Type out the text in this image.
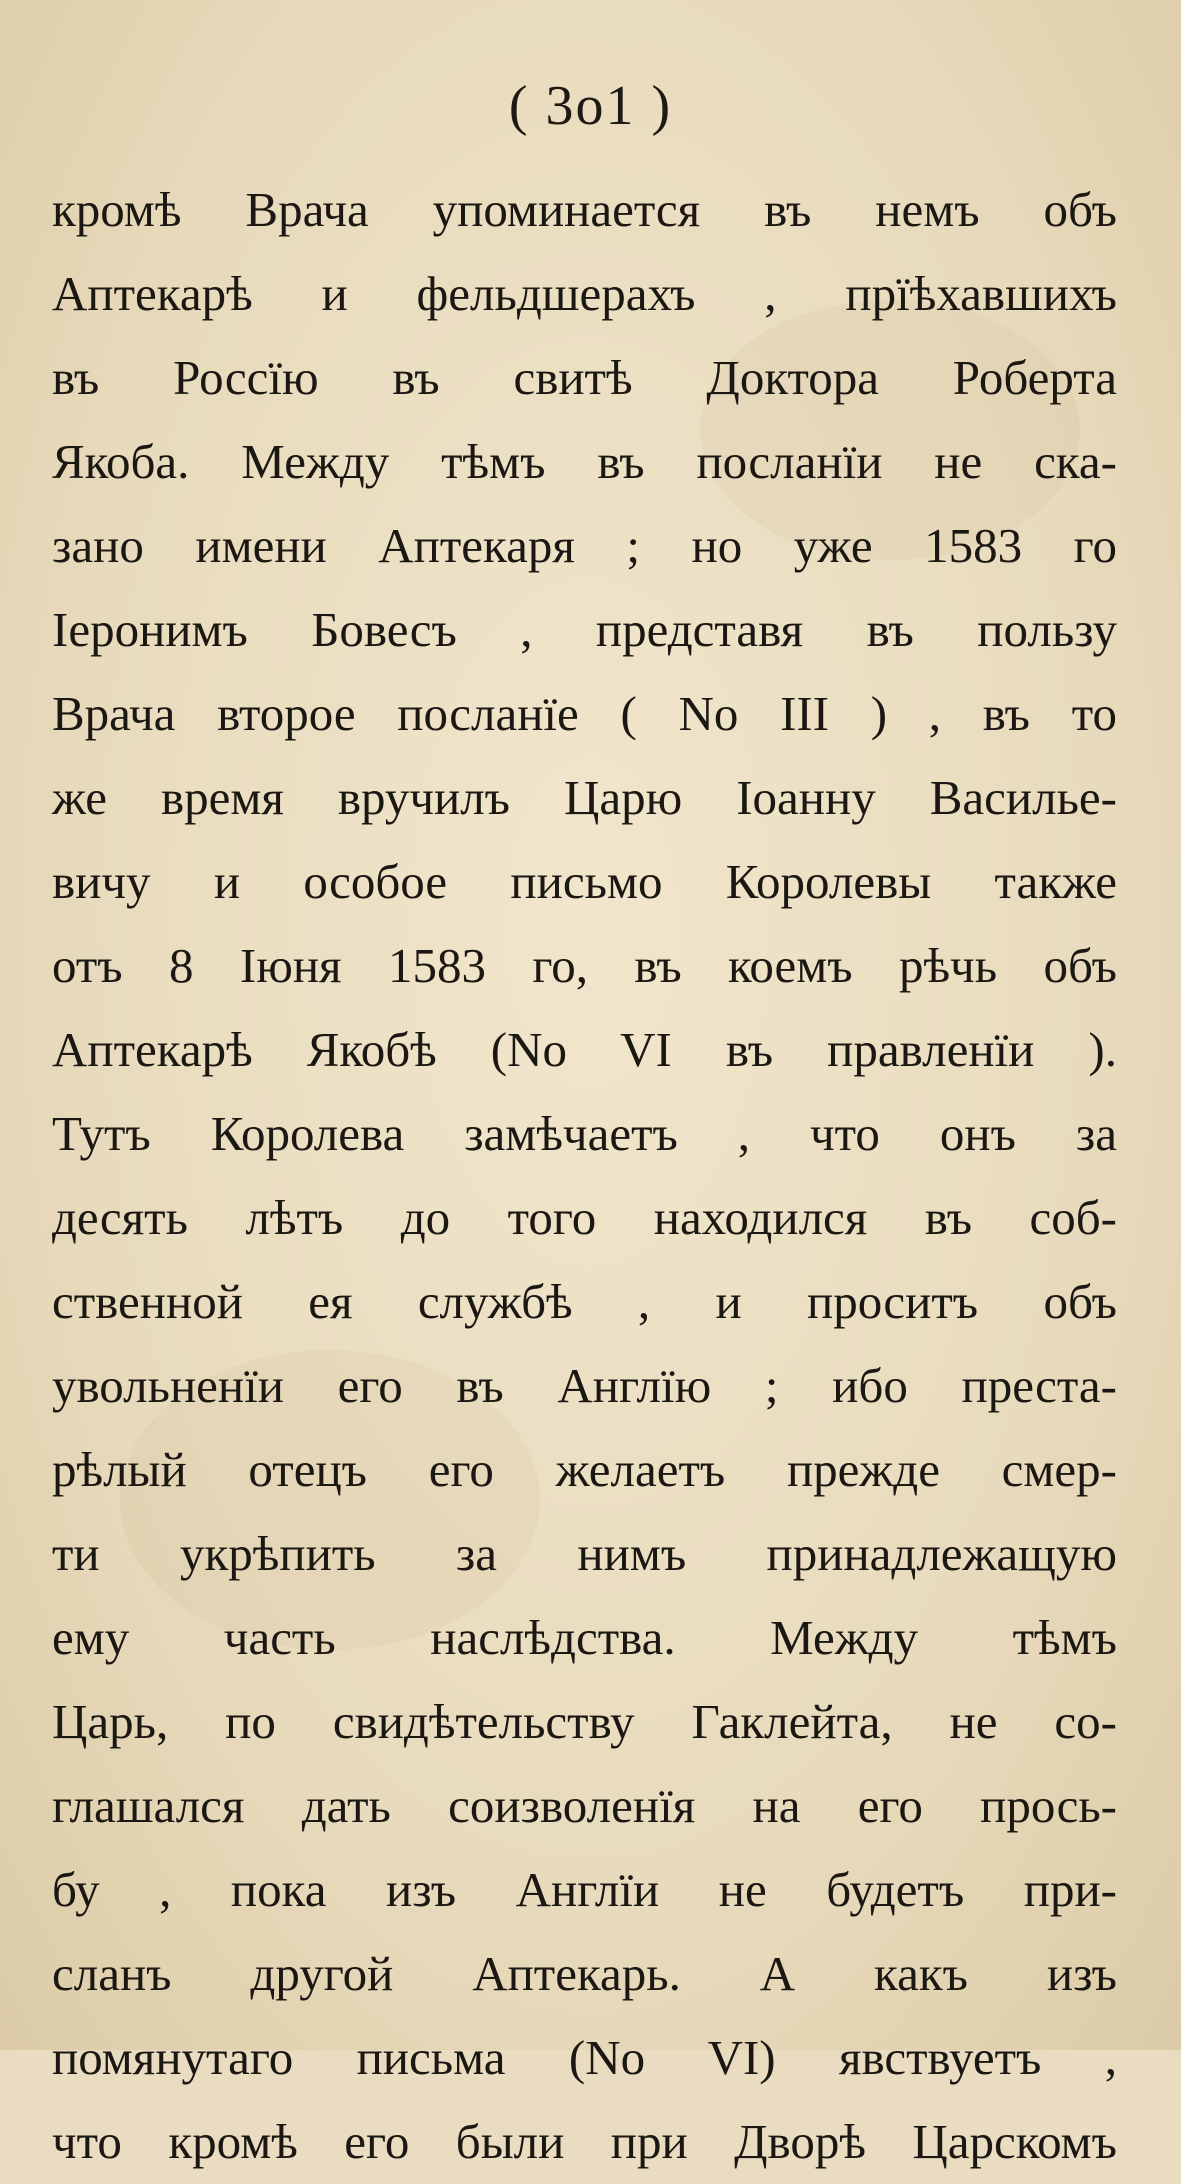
( 3o1 )
кромѣ Врача упоминается въ немъ объ
Аптекарѣ и фельдшерахъ , прїѣхавшихъ
въ Россїю въ свитѣ Доктора Роберта
Якоба. Между тѣмъ въ посланїи не ска-
зано имени Аптекаря ; но уже 1583 го
Іеронимъ Бовесъ , представя въ пользу
Врача второе посланїе ( No III ) , въ то
же время вручилъ Царю Іоанну Василье-
вичу и особое письмо Королевы также
отъ 8 Іюня 1583 го, въ коемъ рѣчь объ
Аптекарѣ Якобѣ (No VI въ правленїи ).
Тутъ Королева замѣчаетъ , что онъ за
десять лѣтъ до того находился въ соб-
ственной ея службѣ , и проситъ объ
увольненїи его въ Англїю ; ибо преста-
рѣлый отецъ его желаетъ прежде смер-
ти укрѣпить за нимъ принадлежащую
ему часть наслѣдства. Между тѣмъ
Царь, по свидѣтельству Гаклейта, не со-
глашался дать соизволенїя на его прось-
бу , пока изъ Англїи не будетъ при-
сланъ другой Аптекарь. А какъ изъ
помянутаго письма (No VI) явствуетъ ,
что кромѣ его были при Дворѣ Царскомъ
